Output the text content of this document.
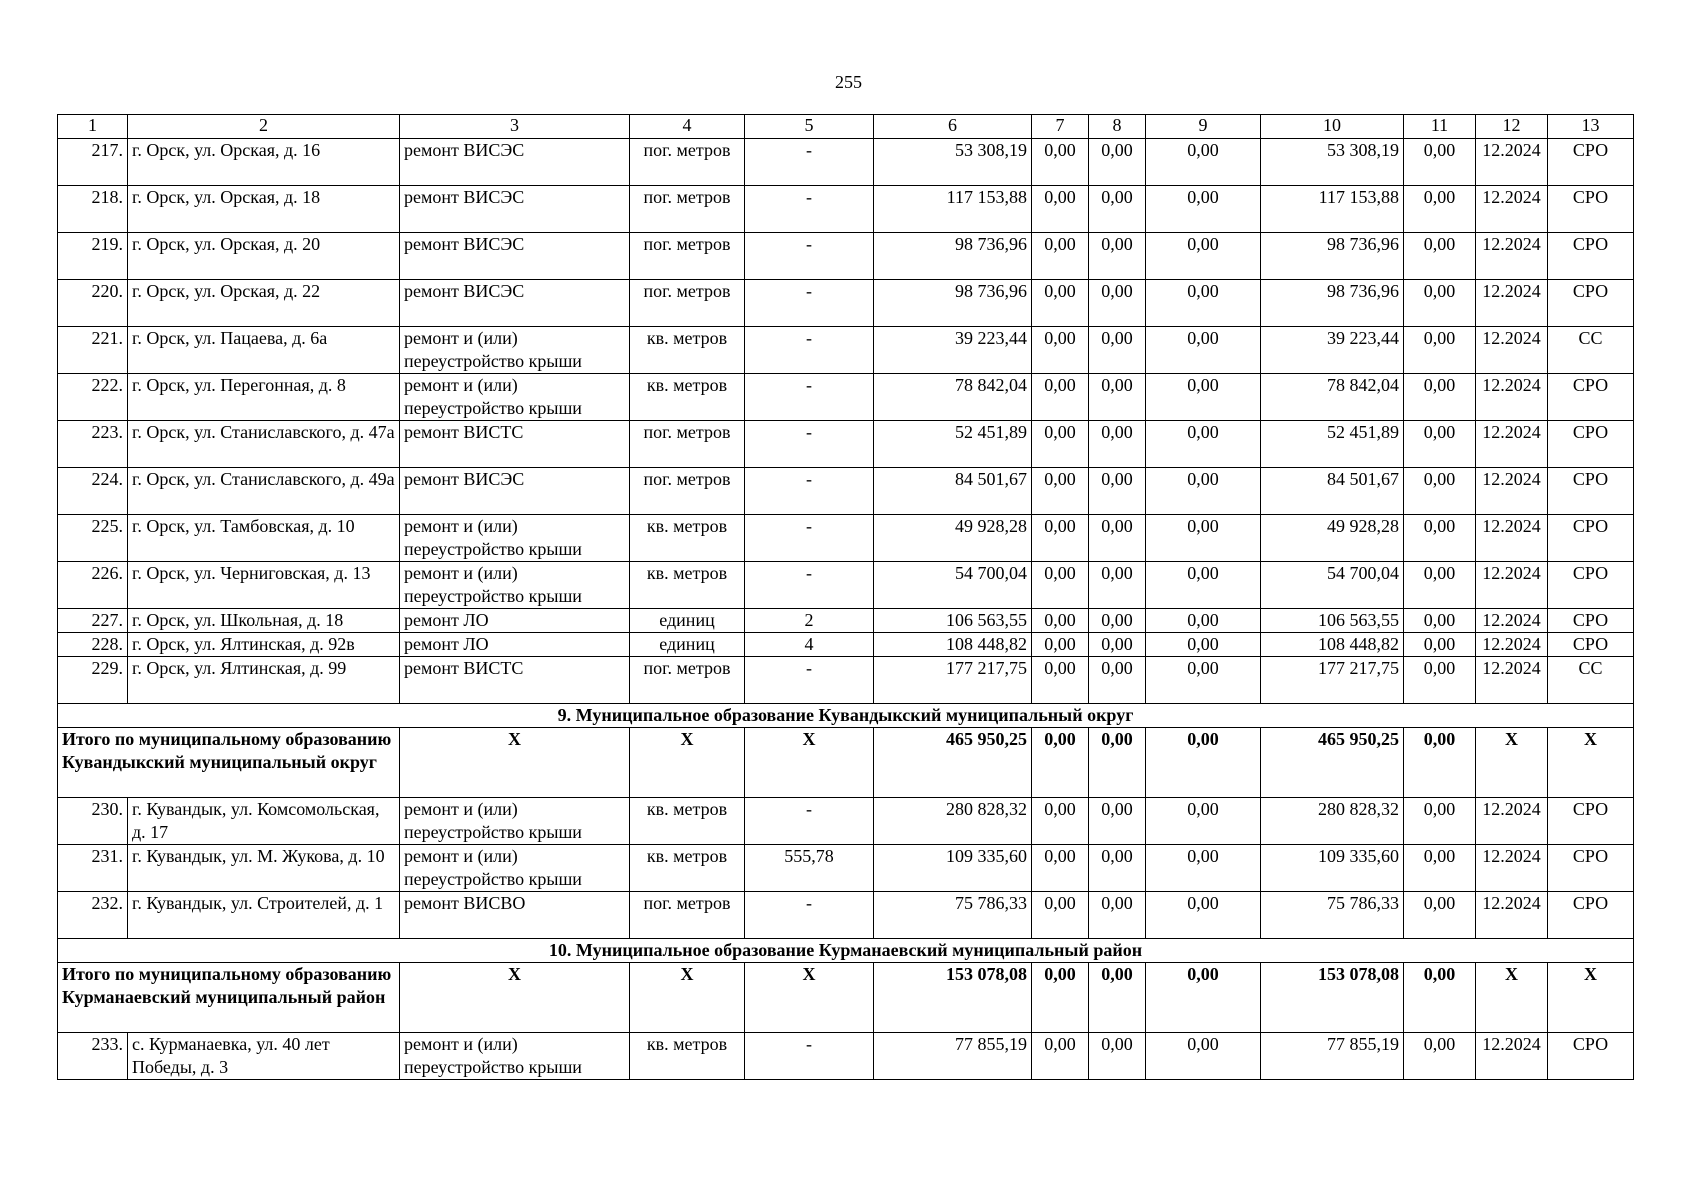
255
1	2	3	4	5	6	7	8	9	10	11	12	13
217.	г. Орск, ул. Орская, д. 16	ремонт ВИСЭС	пог. метров	-	53 308,19	0,00	0,00	0,00	53 308,19	0,00	12.2024	СРО
218.	г. Орск, ул. Орская, д. 18	ремонт ВИСЭС	пог. метров	-	117 153,88	0,00	0,00	0,00	117 153,88	0,00	12.2024	СРО
219.	г. Орск, ул. Орская, д. 20	ремонт ВИСЭС	пог. метров	-	98 736,96	0,00	0,00	0,00	98 736,96	0,00	12.2024	СРО
220.	г. Орск, ул. Орская, д. 22	ремонт ВИСЭС	пог. метров	-	98 736,96	0,00	0,00	0,00	98 736,96	0,00	12.2024	СРО
221.	г. Орск, ул. Пацаева, д. 6а	ремонт и (или) переустройство крыши	кв. метров	-	39 223,44	0,00	0,00	0,00	39 223,44	0,00	12.2024	СС
222.	г. Орск, ул. Перегонная, д. 8	ремонт и (или) переустройство крыши	кв. метров	-	78 842,04	0,00	0,00	0,00	78 842,04	0,00	12.2024	СРО
223.	г. Орск, ул. Станиславского, д. 47а	ремонт ВИСТС	пог. метров	-	52 451,89	0,00	0,00	0,00	52 451,89	0,00	12.2024	СРО
224.	г. Орск, ул. Станиславского, д. 49а	ремонт ВИСЭС	пог. метров	-	84 501,67	0,00	0,00	0,00	84 501,67	0,00	12.2024	СРО
225.	г. Орск, ул. Тамбовская, д. 10	ремонт и (или) переустройство крыши	кв. метров	-	49 928,28	0,00	0,00	0,00	49 928,28	0,00	12.2024	СРО
226.	г. Орск, ул. Черниговская, д. 13	ремонт и (или) переустройство крыши	кв. метров	-	54 700,04	0,00	0,00	0,00	54 700,04	0,00	12.2024	СРО
227.	г. Орск, ул. Школьная, д. 18	ремонт ЛО	единиц	2	106 563,55	0,00	0,00	0,00	106 563,55	0,00	12.2024	СРО
228.	г. Орск, ул. Ялтинская, д. 92в	ремонт ЛО	единиц	4	108 448,82	0,00	0,00	0,00	108 448,82	0,00	12.2024	СРО
229.	г. Орск, ул. Ялтинская, д. 99	ремонт ВИСТС	пог. метров	-	177 217,75	0,00	0,00	0,00	177 217,75	0,00	12.2024	СС
9. Муниципальное образование Кувандыкский муниципальный округ												
Итого по муниципальному образованию Кувандыкский муниципальный округ		Х	Х	Х	465 950,25	0,00	0,00	0,00	465 950,25	0,00	Х	Х
230.	г. Кувандык, ул. Комсомольская, д. 17	ремонт и (или) переустройство крыши	кв. метров	-	280 828,32	0,00	0,00	0,00	280 828,32	0,00	12.2024	СРО
231.	г. Кувандык, ул. М. Жукова, д. 10	ремонт и (или) переустройство крыши	кв. метров	555,78	109 335,60	0,00	0,00	0,00	109 335,60	0,00	12.2024	СРО
232.	г. Кувандык, ул. Строителей, д. 1	ремонт ВИСВО	пог. метров	-	75 786,33	0,00	0,00	0,00	75 786,33	0,00	12.2024	СРО
10. Муниципальное образование Курманаевский муниципальный район												
Итого по муниципальному образованию Курманаевский муниципальный район		Х	Х	Х	153 078,08	0,00	0,00	0,00	153 078,08	0,00	Х	Х
233.	с. Курманаевка, ул. 40 лет Победы, д. 3	ремонт и (или) переустройство крыши	кв. метров	-	77 855,19	0,00	0,00	0,00	77 855,19	0,00	12.2024	СРО
